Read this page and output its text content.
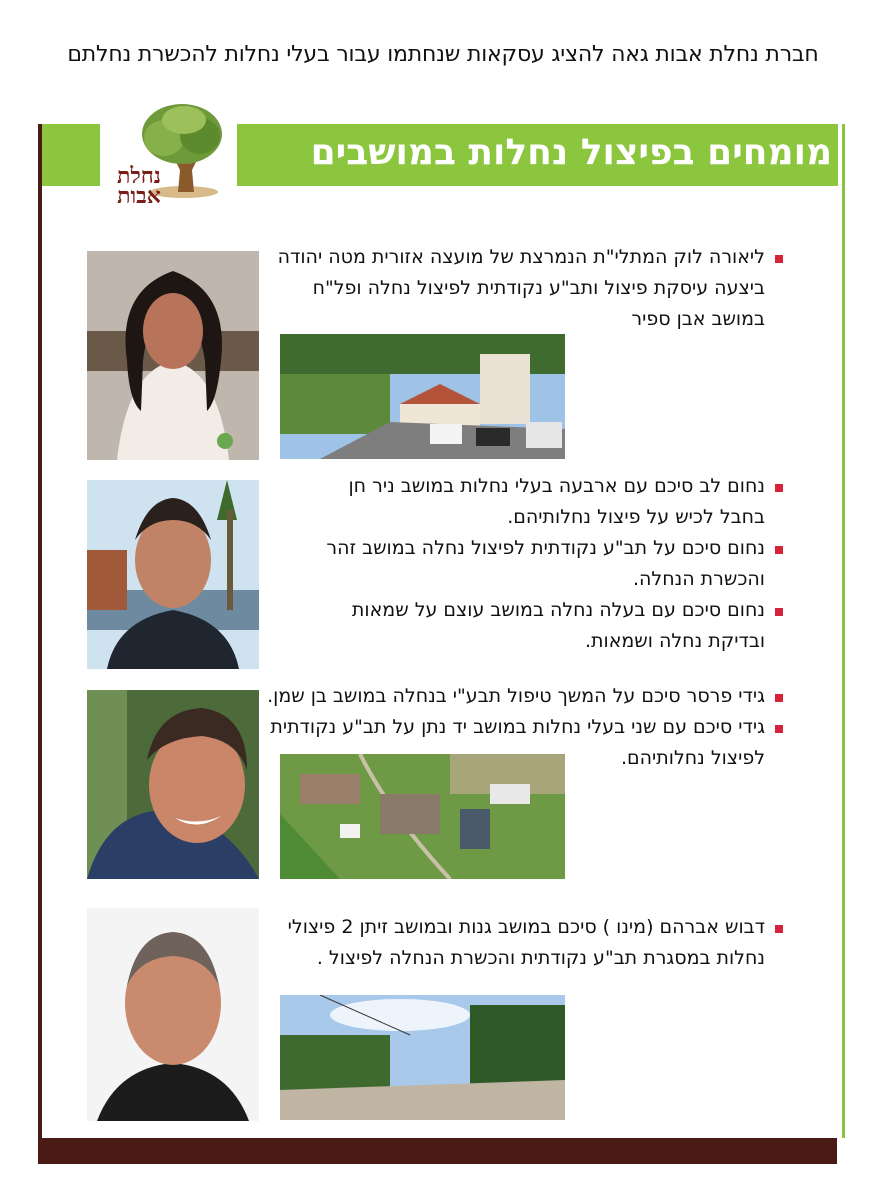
חברת נחלת אבות גאה להציג עסקאות שנחתמו עבור בעלי נחלות להכשרת נחלתם
מומחים בפיצול נחלות במושבים
נחלת
אבות
ליאורה לוק המתלי"ת הנמרצת של מועצה אזורית מטה יהודה
ביצעה עיסקת פיצול ותב"ע נקודתית לפיצול נחלה ופל"ח
במושב אבן ספיר
נחום לב סיכם עם ארבעה בעלי נחלות במושב ניר חן
בחבל לכיש על פיצול נחלותיהם.
נחום סיכם על תב"ע נקודתית לפיצול נחלה במושב זהר
והכשרת הנחלה.
נחום סיכם עם בעלה נחלה במושב עוצם על שמאות
ובדיקת נחלה ושמאות.
גידי פרסר סיכם על המשך טיפול תבע"י בנחלה במושב בן שמן.
גידי סיכם עם שני בעלי נחלות במושב יד נתן על תב"ע נקודתית
לפיצול נחלותיהם.
דבוש אברהם (מינו ) סיכם במושב גנות ובמושב זיתן 2 פיצולי
נחלות במסגרת תב"ע נקודתית והכשרת הנחלה לפיצול .
